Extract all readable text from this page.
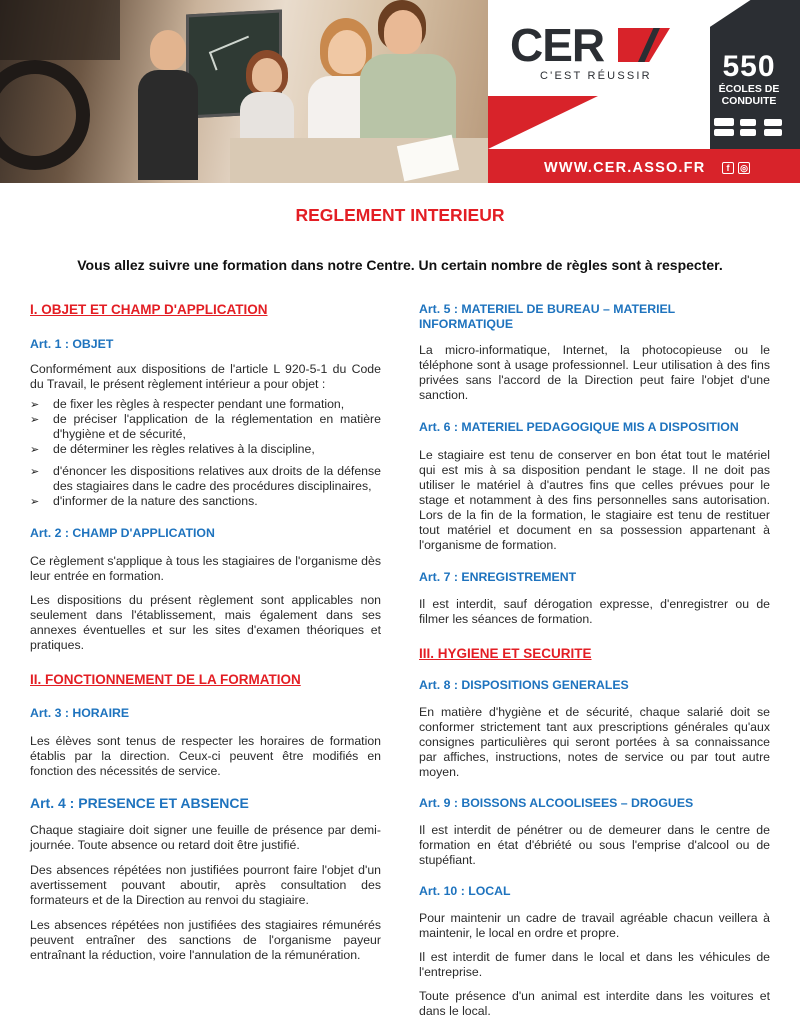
CER
C'EST RÉUSSIR	550
ÉCOLES DE
CONDUITE
WWW.CER.ASSO.FR	f	◎
REGLEMENT INTERIEUR
Vous allez suivre une formation dans notre Centre. Un certain nombre de règles sont à respecter.
I. OBJET ET CHAMP D'APPLICATION
Art. 1 : OBJET

Conformément aux dispositions de l'article L 920-5-1 du Code du Travail, le présent règlement intérieur a pour objet :

➢ de fixer les règles à respecter pendant une formation,
➢ de préciser l'application de la réglementation en matière d'hygiène et de sécurité,
➢ de déterminer les règles relatives à la discipline,
➢ d'énoncer les dispositions relatives aux droits de la défense des stagiaires dans le cadre des procédures disciplinaires,
➢ d'informer de la nature des sanctions.
Art. 2 : CHAMP D'APPLICATION

Ce règlement s'applique à tous les stagiaires de l'organisme dès leur entrée en formation.

Les dispositions du présent règlement sont applicables non seulement dans l'établissement, mais également dans ses annexes éventuelles et sur les sites d'examen théoriques et pratiques.

II. FONCTIONNEMENT DE LA FORMATION
Art. 3 : HORAIRE

Les élèves sont tenus de respecter les horaires de formation établis par la direction. Ceux-ci peuvent être modifiés en fonction des nécessités de service.

Art. 4 : PRESENCE ET ABSENCE

Chaque stagiaire doit signer une feuille de présence par demi-journée. Toute absence ou retard doit être justifié.

Des absences répétées non justifiées pourront faire l'objet d'un avertissement pouvant aboutir, après consultation des formateurs et de la Direction au renvoi du stagiaire.

Les absences répétées non justifiées des stagiaires rémunérés peuvent entraîner des sanctions de l'organisme payeur entraînant la réduction, voire l'annulation de la rémunération.

Art. 5 : MATERIEL DE BUREAU – MATERIEL INFORMATIQUE

La micro-informatique, Internet, la photocopieuse ou le téléphone sont à usage professionnel. Leur utilisation à des fins privées sans l'accord de la Direction peut faire l'objet d'une sanction.

Art. 6 : MATERIEL PEDAGOGIQUE MIS A DISPOSITION

Le stagiaire est tenu de conserver en bon état tout le matériel qui est mis à sa disposition pendant le stage. Il ne doit pas utiliser le matériel à d'autres fins que celles prévues pour le stage et notamment à des fins personnelles sans autorisation. Lors de la fin de la formation, le stagiaire est tenu de restituer tout matériel et document en sa possession appartenant à l'organisme de formation.

Art. 7 : ENREGISTREMENT

Il est interdit, sauf dérogation expresse, d'enregistrer ou de filmer les séances de formation.

III. HYGIENE ET SECURITE
Art. 8 : DISPOSITIONS GENERALES

En matière d'hygiène et de sécurité, chaque salarié doit se conformer strictement tant aux prescriptions générales qu'aux consignes particulières qui seront portées à sa connaissance par affiches, instructions, notes de service ou par tout autre moyen.

Art. 9 : BOISSONS ALCOOLISEES – DROGUES

Il est interdit de pénétrer ou de demeurer dans le centre de formation en état d'ébriété ou sous l'emprise d'alcool ou de stupéfiant.

Art. 10 : LOCAL

Pour maintenir un cadre de travail agréable chacun veillera à maintenir, le local en ordre et propre.

Il est interdit de fumer dans le local et dans les véhicules de l'entreprise.

Toute présence d'un animal est interdite dans les voitures et dans le local.
